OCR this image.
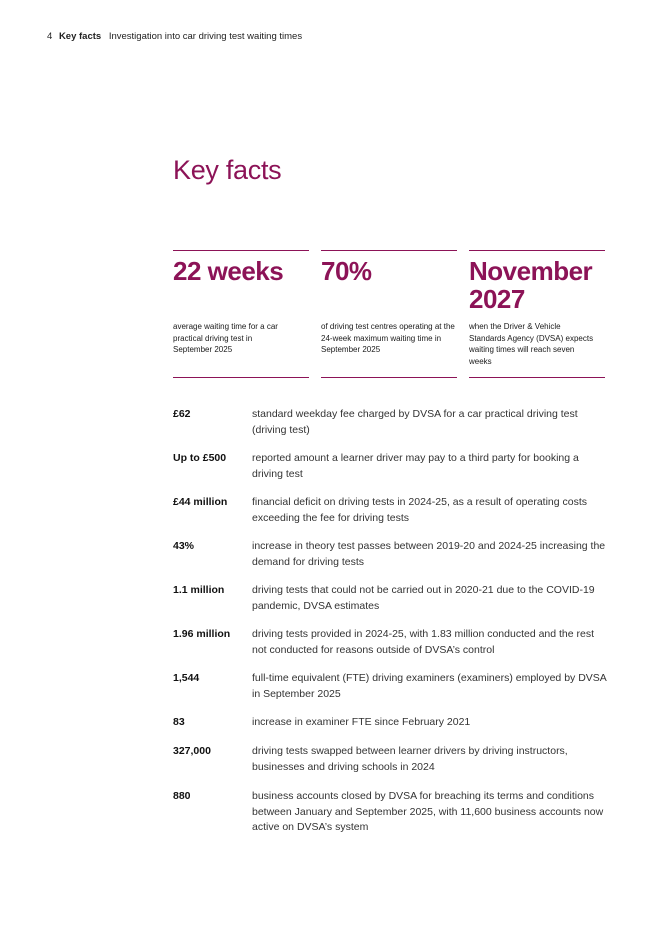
4 Key facts Investigation into car driving test waiting times
Key facts
22 weeks
average waiting time for a car practical driving test in September 2025
70%
of driving test centres operating at the 24-week maximum waiting time in September 2025
November 2027
when the Driver & Vehicle Standards Agency (DVSA) expects waiting times will reach seven weeks
£62	standard weekday fee charged by DVSA for a car practical driving test (driving test)
Up to £500 reported amount a learner driver may pay to a third party for booking a driving test
£44 million financial deficit on driving tests in 2024-25, as a result of operating costs exceeding the fee for driving tests
43%	increase in theory test passes between 2019-20 and 2024-25 increasing the demand for driving tests
1.1 million	driving tests that could not be carried out in 2020-21 due to the COVID-19 pandemic, DVSA estimates
1.96 million driving tests provided in 2024-25, with 1.83 million conducted and the rest not conducted for reasons outside of DVSA’s control
1,544	full-time equivalent (FTE) driving examiners (examiners) employed by DVSA in September 2025
83	increase in examiner FTE since February 2021
327,000	driving tests swapped between learner drivers by driving instructors, businesses and driving schools in 2024
880	business accounts closed by DVSA for breaching its terms and conditions between January and September 2025, with 11,600 business accounts now active on DVSA’s system
